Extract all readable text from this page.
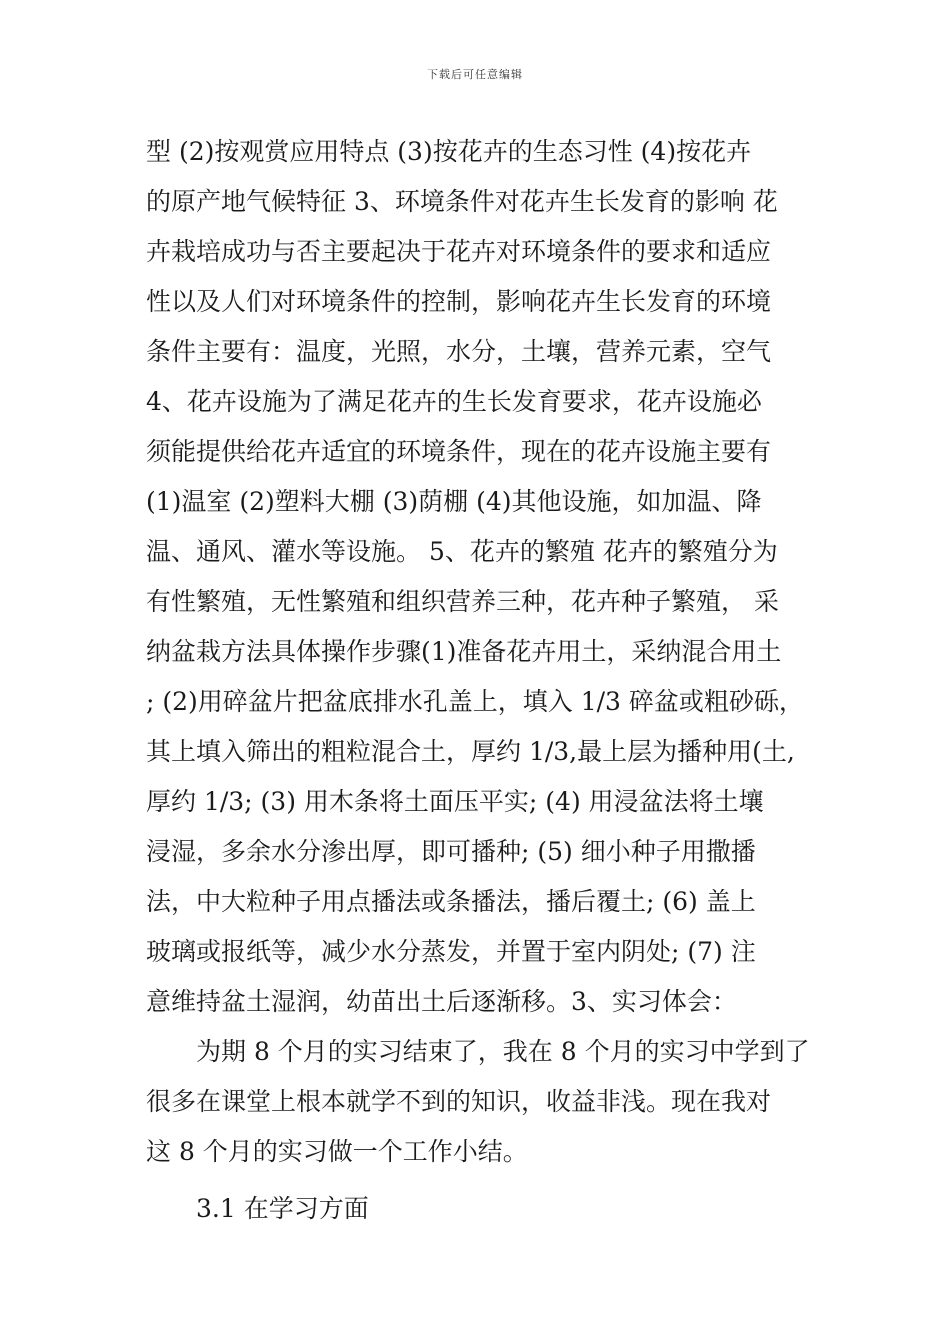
下载后可任意编辑
型 (2)按观赏应用特点 (3)按花卉的生态习性 (4)按花卉
的原产地气候特征 3、环境条件对花卉生长发育的影响 花
卉栽培成功与否主要起决于花卉对环境条件的要求和适应
性以及人们对环境条件的控制，影响花卉生长发育的环境
条件主要有：温度，光照，水分，土壤，营养元素，空气
4、花卉设施为了满足花卉的生长发育要求，花卉设施必
须能提供给花卉适宜的环境条件，现在的花卉设施主要有
(1)温室 (2)塑料大棚 (3)荫棚 (4)其他设施，如加温、降
温、通风、灌水等设施。 5、花卉的繁殖 花卉的繁殖分为
有性繁殖，无性繁殖和组织营养三种，花卉种子繁殖， 采
纳盆栽方法具体操作步骤(1)准备花卉用土，采纳混合用土
; (2)用碎盆片把盆底排水孔盖上，填入 1/3 碎盆或粗砂砾，
其上填入筛出的粗粒混合土，厚约 1/3,最上层为播种用(土,
厚约 1/3; (3) 用木条将土面压平实; (4) 用浸盆法将土壤
浸湿，多余水分渗出厚，即可播种; (5) 细小种子用撒播
法，中大粒种子用点播法或条播法，播后覆土; (6) 盖上
玻璃或报纸等，减少水分蒸发，并置于室内阴处; (7) 注
意维持盆土湿润，幼苗出土后逐渐移。3、实习体会：
　　为期 8 个月的实习结束了，我在 8 个月的实习中学到了
很多在课堂上根本就学不到的知识，收益非浅。现在我对
这 8 个月的实习做一个工作小结。
　　3.1 在学习方面
